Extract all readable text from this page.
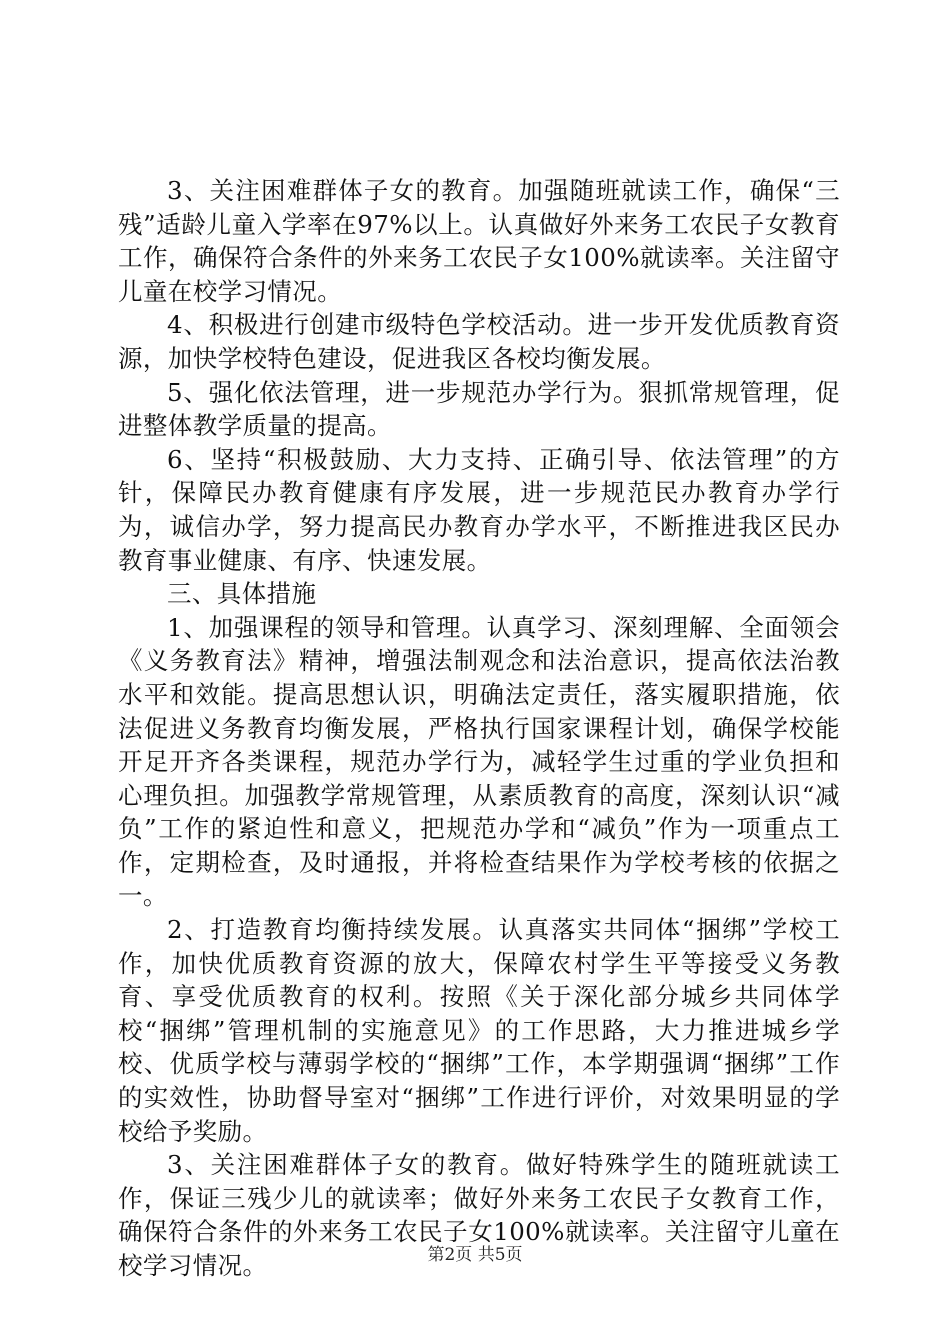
3、关注困难群体子女的教育。加强随班就读工作，确保“三残”适龄儿童入学率在97%以上。认真做好外来务工农民子女教育工作，确保符合条件的外来务工农民子女100%就读率。关注留守儿童在校学习情况。

4、积极进行创建市级特色学校活动。进一步开发优质教育资源，加快学校特色建设，促进我区各校均衡发展。

5、强化依法管理，进一步规范办学行为。狠抓常规管理，促进整体教学质量的提高。

6、坚持“积极鼓励、大力支持、正确引导、依法管理”的方针，保障民办教育健康有序发展，进一步规范民办教育办学行为，诚信办学，努力提高民办教育办学水平，不断推进我区民办教育事业健康、有序、快速发展。

三、具体措施

1、加强课程的领导和管理。认真学习、深刻理解、全面领会《义务教育法》精神，增强法制观念和法治意识，提高依法治教水平和效能。提高思想认识，明确法定责任，落实履职措施，依法促进义务教育均衡发展，严格执行国家课程计划，确保学校能开足开齐各类课程，规范办学行为，减轻学生过重的学业负担和心理负担。加强教学常规管理，从素质教育的高度，深刻认识“减负”工作的紧迫性和意义，把规范办学和“减负”作为一项重点工作，定期检查，及时通报，并将检查结果作为学校考核的依据之一。

2、打造教育均衡持续发展。认真落实共同体“捆绑”学校工作，加快优质教育资源的放大，保障农村学生平等接受义务教育、享受优质教育的权利。按照《关于深化部分城乡共同体学校“捆绑”管理机制的实施意见》的工作思路，大力推进城乡学校、优质学校与薄弱学校的“捆绑”工作，本学期强调“捆绑”工作的实效性，协助督导室对“捆绑”工作进行评价，对效果明显的学校给予奖励。

3、关注困难群体子女的教育。做好特殊学生的随班就读工作，保证三残少儿的就读率；做好外来务工农民子女教育工作，确保符合条件的外来务工农民子女100%就读率。关注留守儿童在校学习情况。	第2页 共5页
